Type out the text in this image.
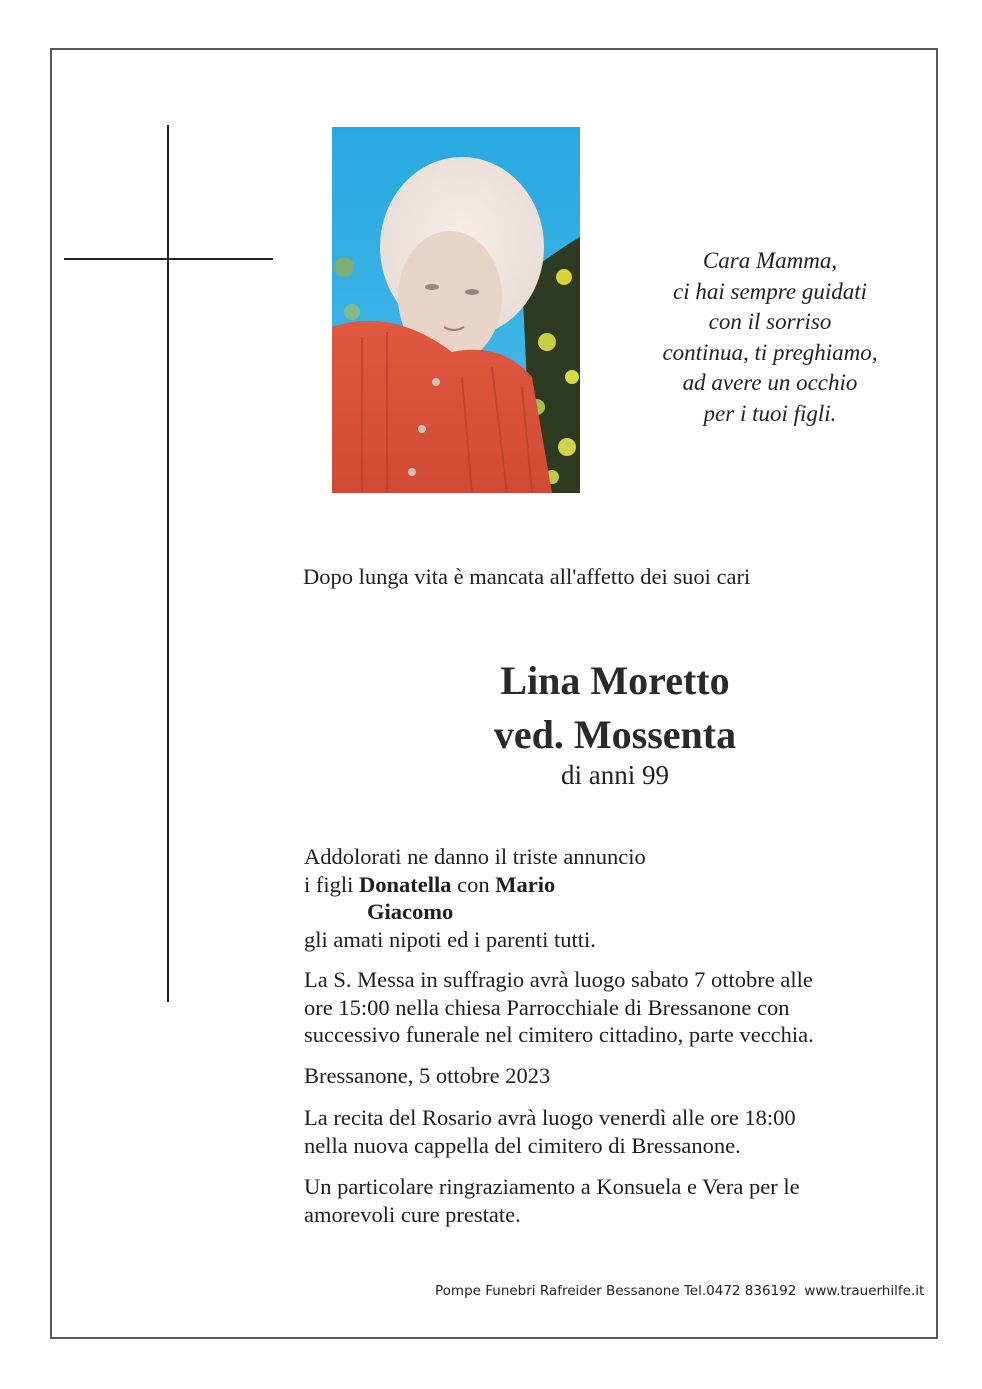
Cara Mamma,
ci hai sempre guidati
con il sorriso
continua, ti preghiamo,
ad avere un occhio
per i tuoi figli.
Dopo lunga vita è mancata all'affetto dei suoi cari
Lina Moretto
ved. Mossenta
di anni 99
Addolorati ne danno il triste annuncio
i figli Donatella con Mario
Giacomo
gli amati nipoti ed i parenti tutti.
La S. Messa in suffragio avrà luogo sabato 7 ottobre alle
ore 15:00 nella chiesa Parrocchiale di Bressanone con
successivo funerale nel cimitero cittadino, parte vecchia.
Bressanone, 5 ottobre 2023
La recita del Rosario avrà luogo venerdì alle ore 18:00
nella nuova cappella del cimitero di Bressanone.
Un particolare ringraziamento a Konsuela e Vera per le
amorevoli cure prestate.
Pompe Funebri Rafreider Bessanone Tel.0472 836192 www.trauerhilfe.it
